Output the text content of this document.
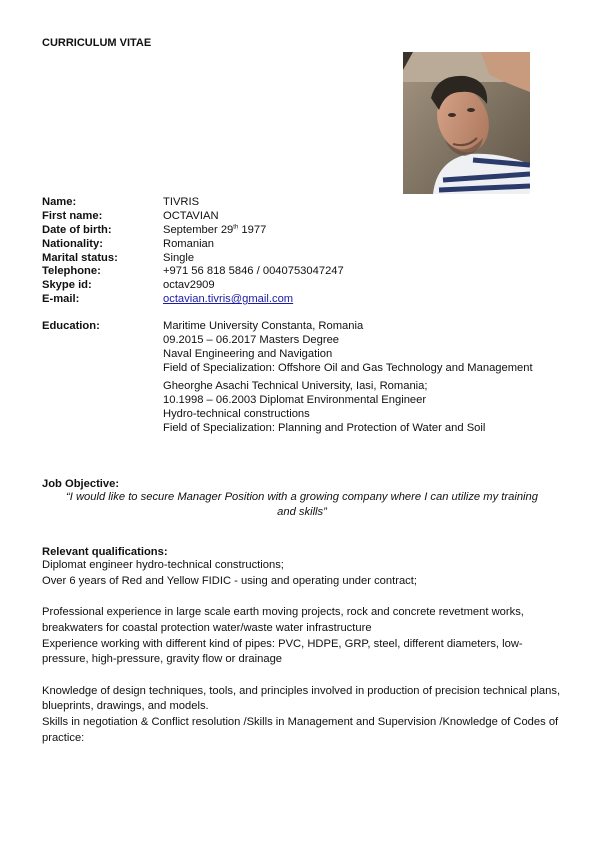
CURRICULUM VITAE
Name:	TIVRIS
First name:	OCTAVIAN
Date of birth:	September 29th 1977
Nationality:	Romanian
Marital status:	Single
Telephone:	+971 56 818 5846 / 0040753047247
Skype id:	octav2909
E-mail:	octavian.tivris@gmail.com
Education:	Maritime University Constanta, Romania
09.2015 – 06.2017 Masters Degree
Naval Engineering and Navigation
Field of Specialization: Offshore Oil and Gas Technology and Management
Gheorghe Asachi Technical University, Iasi, Romania;
10.1998 – 06.2003 Diplomat Environmental Engineer
Hydro-technical constructions
Field of Specialization: Planning and Protection of Water and Soil
Job Objective:
“I would like to secure Manager Position with a growing company where I can utilize my training
and skills”
Relevant qualifications:

Diplomat engineer hydro-technical constructions;

Over 6 years of Red and Yellow FIDIC - using and operating under contract;

Professional experience in large scale earth moving projects, rock and concrete revetment works, breakwaters for coastal protection water/waste water infrastructure

Experience working with different kind of pipes: PVC, HDPE, GRP, steel, different diameters, low-pressure, high-pressure, gravity flow or drainage

Knowledge of design techniques, tools, and principles involved in production of precision technical plans, blueprints, drawings, and models.

Skills in negotiation & Conflict resolution /Skills in Management and Supervision /Knowledge of Codes of practice:
